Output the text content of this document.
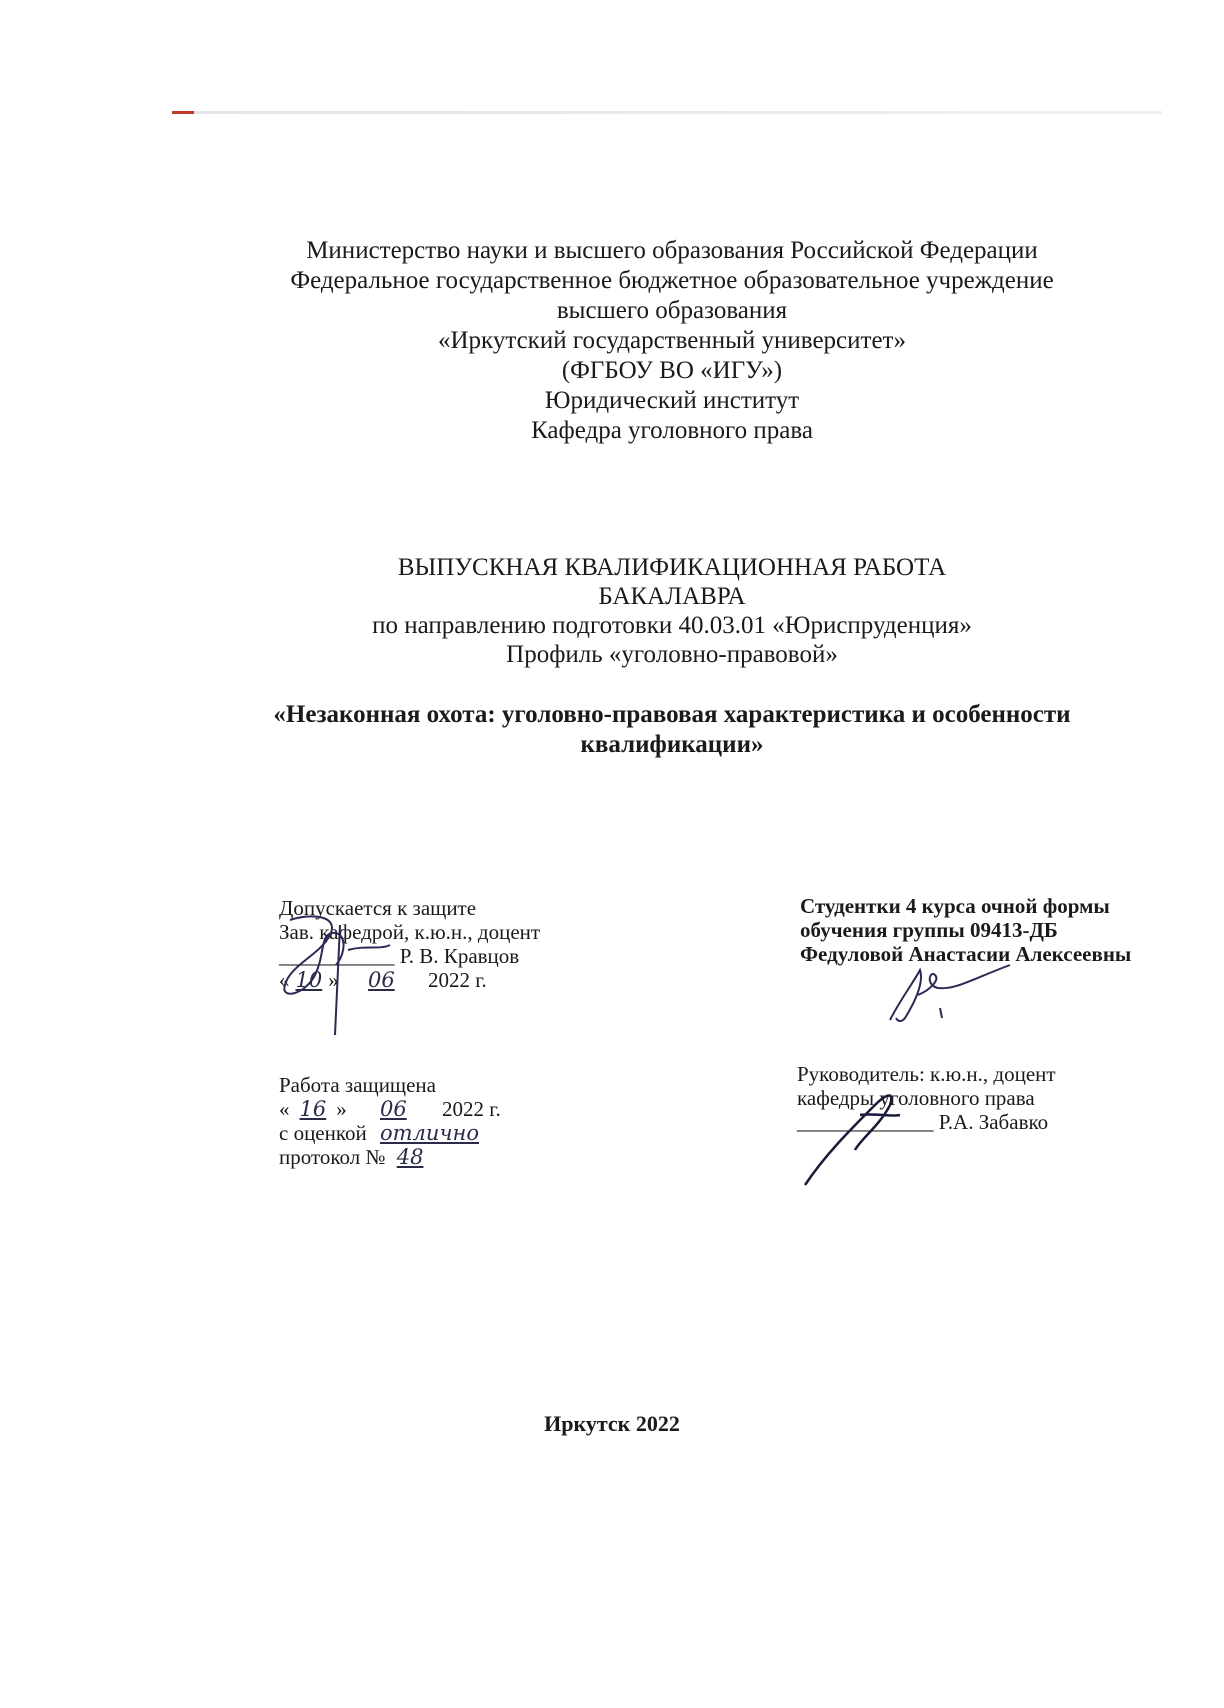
Министерство науки и высшего образования Российской Федерации
Федеральное государственное бюджетное образовательное учреждение
высшего образования
«Иркутский государственный университет»
(ФГБОУ ВО «ИГУ»)
Юридический институт
Кафедра уголовного права
ВЫПУСКНАЯ КВАЛИФИКАЦИОННАЯ РАБОТА
БАКАЛАВРА
по направлению подготовки 40.03.01 «Юриспруденция»
Профиль «уголовно-правовой»
«Незаконная охота: уголовно-правовая характеристика и особенности
квалификации»
Допускается к защите
Зав. кафедрой, к.ю.н., доцент
___________ Р. В. Кравцов
« 10 » 06 2022 г.
Работа защищена
« 16 » 06 2022 г.
с оценкой отлично
протокол № 48
Студентки 4 курса очной формы
обучения группы 09413-ДБ
Федуловой Анастасии Алексеевны
Руководитель: к.ю.н., доцент
кафедры уголовного права
_____________ Р.А. Забавко
Иркутск 2022
